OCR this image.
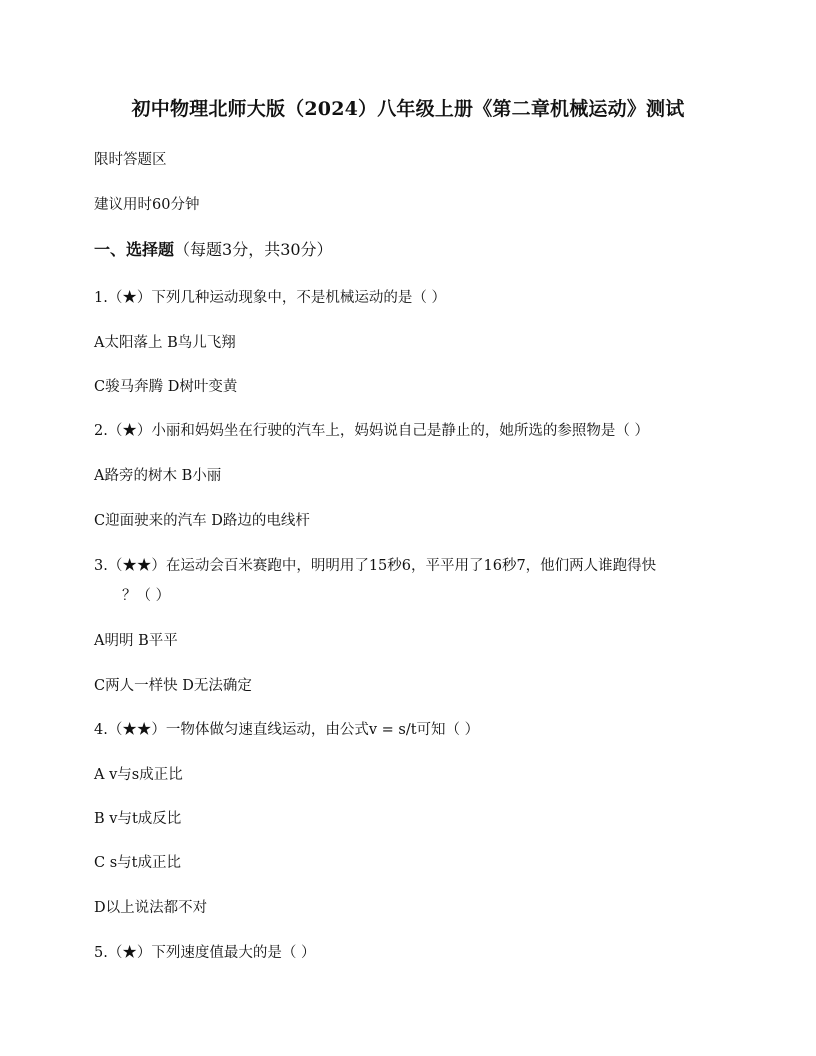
初中物理北师大版（2024）八年级上册《第二章机械运动》测试
限时答题区
建议用时60分钟
一、选择题（每题3分，共30分）
1.（★）下列几种运动现象中，不是机械运动的是（ ）
A太阳落上 B鸟儿飞翔
C骏马奔腾 D树叶变黄
2.（★）小丽和妈妈坐在行驶的汽车上，妈妈说自己是静止的，她所选的参照物是（ ）
A路旁的树木 B小丽
C迎面驶来的汽车 D路边的电线杆
3.（★★）在运动会百米赛跑中，明明用了15秒6，平平用了16秒7，他们两人谁跑得快
？（ ）
A明明 B平平
C两人一样快 D无法确定
4.（★★）一物体做匀速直线运动，由公式v = s/t可知（ ）
A v与s成正比
B v与t成反比
C s与t成正比
D以上说法都不对
5.（★）下列速度值最大的是（ ）
